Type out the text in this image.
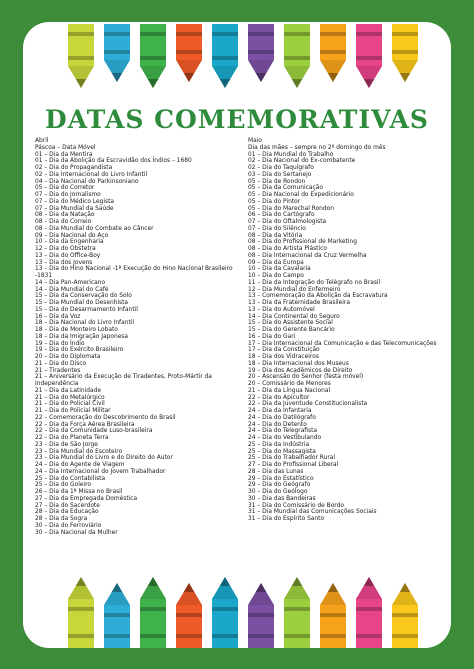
DATAS COMEMORATIVAS
Abril
Páscoa – Data Móvel
01 – Dia da Mentira
01 – Dia da Abolição da Escravidão dos Índios – 1680
02 – Dia do Propagandista
02 – Dia Internacional do Livro Infantil
04 – Dia Nacional do Parkinsoniano
05 – Dia do Corretor
07 – Dia do Jornalismo
07 – Dia do Médico Legista
07 – Dia Mundial da Saúde
08 – Dia da Natação
08 – Dia do Correio
08 – Dia Mundial do Combate ao Câncer
09 – Dia Nacional do Aço
10 – Dia da Engenharia
12 – Dia do Obstetra
13 – Dia do Office-Boy
13 – Dia dos Jovens
13 – Dia do Hino Nacional -1ª Execução do Hino Nacional Brasileiro
-1831
14 – Dia Pan-Americano
14 – Dia Mundial do Café
15 – Dia da Conservação do Solo
15 – Dia Mundial do Desenhista
15 – Dia do Desarmamento Infantil
16 – Dia da Voz
18 – Dia Nacional do Livro Infantil
18 – Dia de Monteiro Lobato
18 – Dia da Imigração Japonesa
19 – Dia do Índio
19 – Dia do Exército Brasileiro
20 – Dia do Diplomata
21 – Dia do Disco
21 – Tiradentes
21 – Aniversário da Execução de Tiradentes, Proto-Mártir da
Independência
21 – Dia da Latinidade
21 – Dia do Metalúrgico
21 – Dia do Policial Civil
21 – Dia do Policial Militar
22 – Comemoração do Descobrimento do Brasil
22 – Dia da Força Aérea Brasileira
22 – Dia da Comunidade Luso-brasileira
22 – Dia do Planeta Terra
23 – Dia de São Jorge
23 – Dia Mundial do Escoteiro
23 – Dia Mundial do Livro e do Direito do Autor
24 – Dia do Agente de Viagem
24 – Dia Internacional do Jovem Trabalhador
25 – Dia do Contabilista
25 – Dia do Goleiro
26 – Dia da 1ª Missa no Brasil
27 – Dia da Empregada Doméstica
27 – Dia do Sacerdote
28 – Dia da Educação
28 – Dia da Sogra
30 – Dia do Ferroviário
30 – Dia Nacional da Mulher
Maio
Dia das mães – sempre no 2º domingo do mês
01 – Dia Mundial do Trabalho
02 – Dia Nacional do Ex-combatente
02 – Dia do Taquígrafo
03 – Dia do Sertanejo
05 – Dia de Rondon
05 – Dia da Comunicação
05 – Dia Nacional do Expedicionário
05 – Dia do Pintor
05 – Dia do Marechal Rondon
06 – Dia do Cartógrafo
07 – Dia do Oftalmologista
07 – Dia do Silêncio
08 – Dia da Vitória
08 – Dia do Profissional de Marketing
08 – Dia do Artista Plástico
08 – Dia Internacional da Cruz Vermelha
09 – Dia da Europa
10 – Dia da Cavalaria
10 – Dia do Campo
11 – Dia da Integração do Telégrafo no Brasil
12 – Dia Mundial do Enfermeiro
13 – Comemoração da Abolição da Escravatura
13 – Dia da Fraternidade Brasileira
13 – Dia do Automóvel
14 – Dia Continental do Seguro
15 – Dia do Assistente Social
15 – Dia do Gerente Bancário
16 – Dia do Gari
17 – Dia Internacional da Comunicação e das Telecomunicações
17 – Dia da Constituição
18 – Dia dos Vidraceiros
18 – Dia Internacional dos Museus
19 – Dia dos Acadêmicos de Direito
20 – Ascensão do Senhor (festa móvel)
20 – Comissário de Menores
21 – Dia da Língua Nacional
22 – Dia do Apicultor
22 – Dia da Juventude Constitucionalista
24 – Dia da Infantaria
24 – Dia do Datilógrafo
24 – Dia do Detento
24 – Dia do Telegrafista
24 – Dia do Vestibulando
25 – Dia da Indústria
25 – Dia do Massagista
25 – Dia do Trabalhador Rural
27 – Dia do Profissional Liberal
28 – Dia das Lunas
29 – Dia do Estatístico
29 – Dia do Geógrafo
30 – Dia do Geólogo
30 – Dia das Bandeiras
31 – Dia do Comissário de Bordo
31 – Dia Mundial das Comunicações Sociais
31 – Dia do Espírito Santo
